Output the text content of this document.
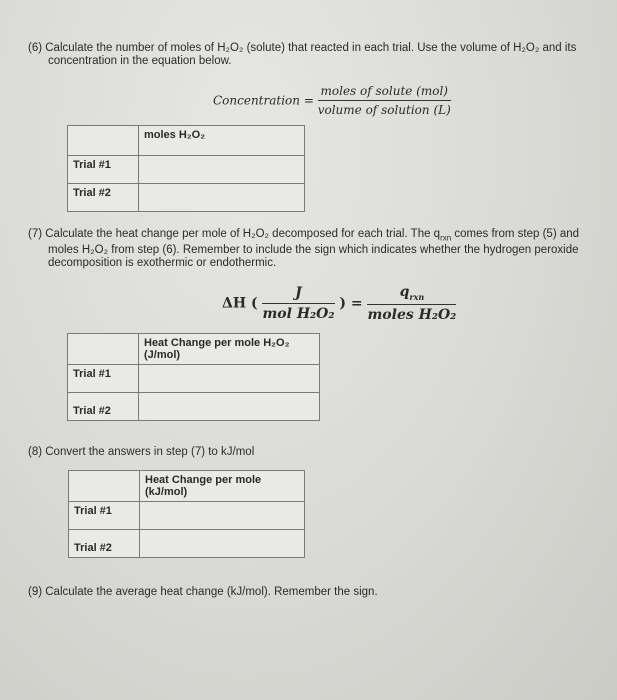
(6) Calculate the number of moles of H₂O₂ (solute) that reacted in each trial. Use the volume of H₂O₂ and its
concentration in the equation below.
Concentration = $\frac{\text{moles of solute (mol)}}{\text{volume of solution (L)}}$
	moles H₂O₂
Trial #1	
Trial #2	
(7) Calculate the heat change per mole of H₂O₂ decomposed for each trial. The $q_{rxn}$ comes from step (5) and
moles H₂O₂ from step (6). Remember to include the sign which indicates whether the hydrogen peroxide
decomposition is exothermic or endothermic.
ΔH ( $\frac{J}{\text{mol H₂O₂}}$ ) = $\frac{q_{rxn}}{\text{moles H₂O₂}}$

	Heat Change per mole H₂O₂
(J/mol)

Trial #1	
Trial #2	
(8) Convert the answers in step (7) to kJ/mol

	Heat Change per mole
(kJ/mol)

Trial #1	
Trial #2	
(9) Calculate the average heat change (kJ/mol). Remember the sign.
